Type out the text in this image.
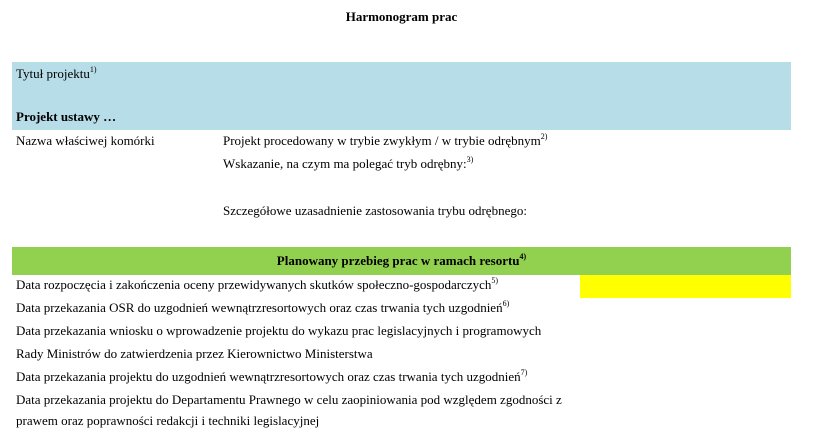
Harmonogram prac
Tytuł projektu$^{1)}$
Projekt ustawy …
Nazwa właściwej komórki	Projekt procedowany w trybie zwykłym / w trybie odrębnym$^{2)}$
Wskazanie, na czym ma polegać tryb odrębny:$^{3)}$
Szczegółowe uzasadnienie zastosowania trybu odrębnego:
Planowany przebieg prac w ramach resortu$^{4)}$
Data rozpoczęcia i zakończenia oceny przewidywanych skutków społeczno-gospodarczych$^{5)}$
Data przekazania OSR do uzgodnień wewnątrzresortowych oraz czas trwania tych uzgodnień$^{6)}$
Data przekazania wniosku o wprowadzenie projektu do wykazu prac legislacyjnych i programowych
Rady Ministrów do zatwierdzenia przez Kierownictwo Ministerstwa
Data przekazania projektu do uzgodnień wewnątrzresortowych oraz czas trwania tych uzgodnień$^{7)}$
Data przekazania projektu do Departamentu Prawnego w celu zaopiniowania pod względem zgodności z
prawem oraz poprawności redakcji i techniki legislacyjnej
